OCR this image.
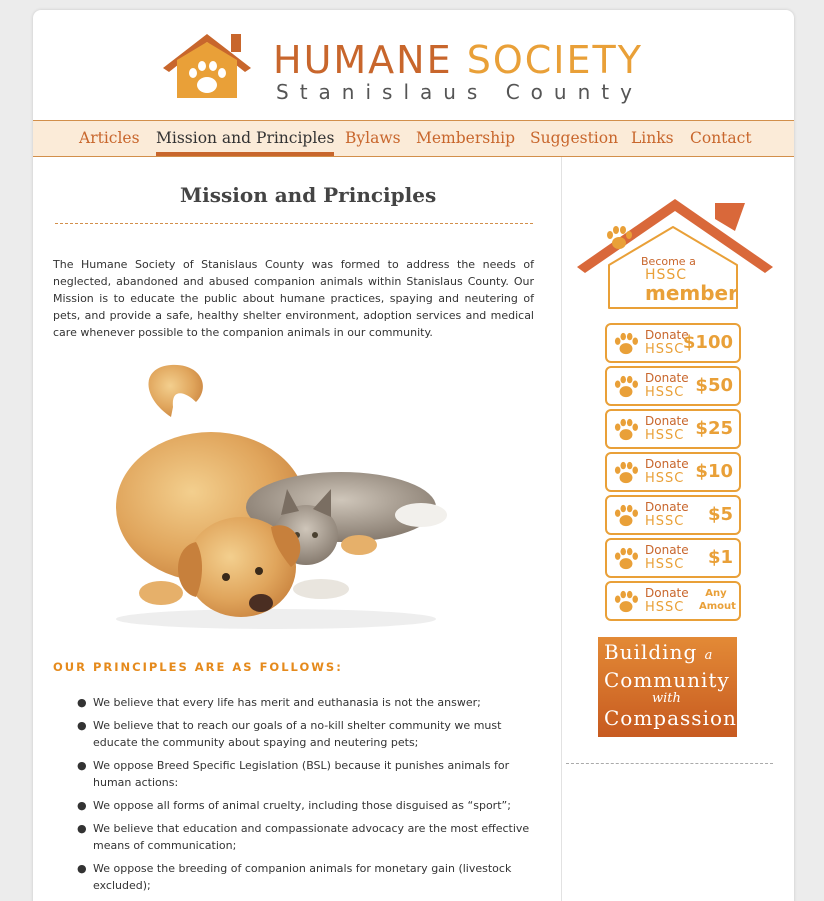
HUMANE SOCIETY
Stanislaus County
Articles Mission and Principles Bylaws Membership Suggestion Links Contact
Mission and Principles

The Humane Society of Stanislaus County was formed to address the needs of neglected, abandoned and abused companion animals within Stanislaus County. Our Mission is to educate the public about humane practices, spaying and neutering of pets, and provide a safe, healthy shelter environment, adoption services and medical care whenever possible to the companion animals in our community.

OUR PRINCIPLES ARE AS FOLLOWS:
● We believe that every life has merit and euthanasia is not the answer;
● We believe that to reach our goals of a no-kill shelter community we must educate the community about spaying and neutering pets;
● We oppose Breed Specific Legislation (BSL) because it punishes animals for human actions:
● We oppose all forms of animal cruelty, including those disguised as “sport”;
● We believe that education and compassionate advocacy are the most effective means of communication;
● We oppose the breeding of companion animals for monetary gain (livestock excluded);
Become a
HSSC
member
Donate
HSSC
$100
Donate
HSSC $50
Donate
HSSC $25
Donate
HSSC $10
Donate
HSSC $5
Donate
HSSC $1
Donate
HSSC
Any Amout
Building a
Community
with
Compassion
